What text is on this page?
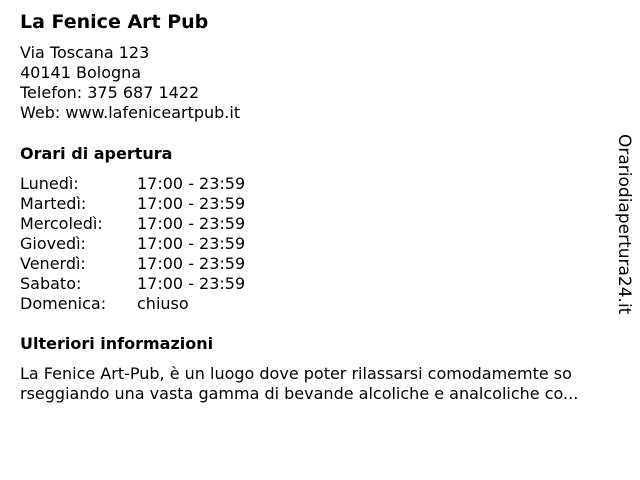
La Fenice Art Pub
Via Toscana 123
40141 Bologna
Telefon: 375 687 1422
Web: www.lafeniceartpub.it
Orari di apertura
Lunedì:	17:00 - 23:59
Martedì:	17:00 - 23:59
Mercoledì: 17:00 - 23:59
Giovedì:	17:00 - 23:59
Venerdì:	17:00 - 23:59
Sabato:	17:00 - 23:59
Domenica: chiuso
Ulteriori informazioni
La Fenice Art-Pub, è un luogo dove poter rilassarsi comodamemte so
rseggiando una vasta gamma di bevande alcoliche e analcoliche co...
Orariodiapertura24.it
